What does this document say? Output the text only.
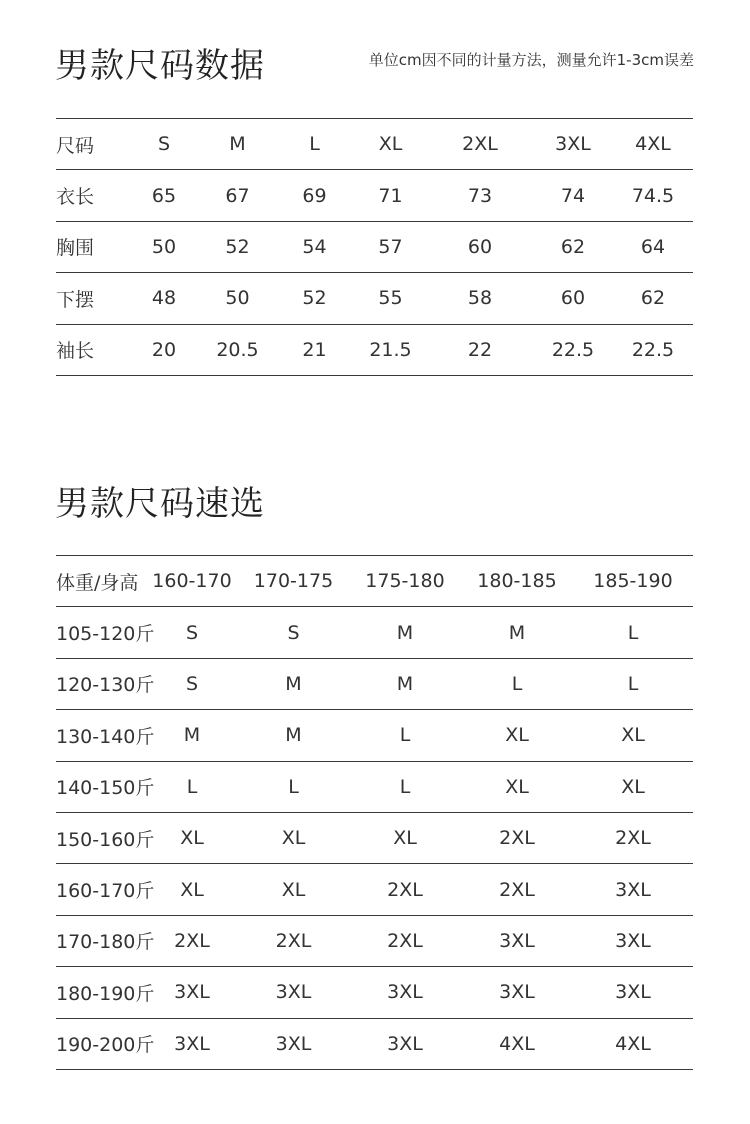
男款尺码数据	单位cm因不同的计量方法，测量允许1-3cm误差
尺码	S	M	L	XL	2XL	3XL	4XL
衣长	65	67	69	71	73	74	74.5
胸围	50	52	54	57	60	62	64
下摆	48	50	52	55	58	60	62
袖长	20	20.5	21	21.5	22	22.5	22.5
男款尺码速选
体重/身高	160-170	170-175	175-180	180-185	185-190
105-120斤	S	S	M	M	L
120-130斤	S	M	M	L	L
130-140斤	M	M	L	XL	XL
140-150斤	L	L	L	XL	XL
150-160斤	XL	XL	XL	2XL	2XL
160-170斤	XL	XL	2XL	2XL	3XL
170-180斤	2XL	2XL	2XL	3XL	3XL
180-190斤	3XL	3XL	3XL	3XL	3XL
190-200斤	3XL	3XL	3XL	4XL	4XL
